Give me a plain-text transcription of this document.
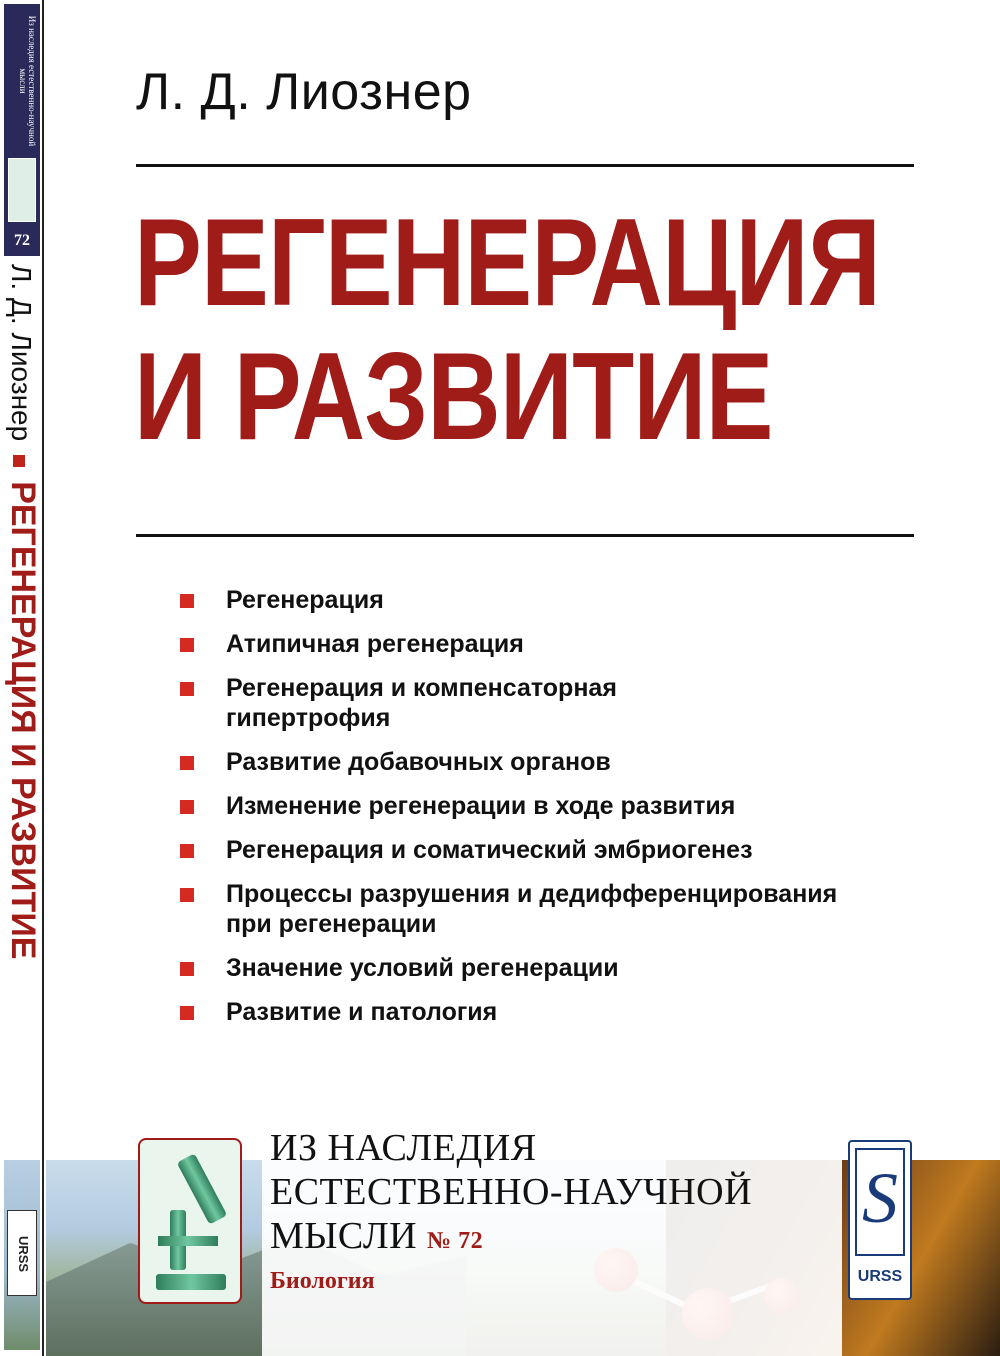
Из наследия естественно-научной мысли
72
Л. Д. ЛиознерРЕГЕНЕРАЦИЯ И РАЗВИТИЕ
URSS
Л. Д. Лиознер
РЕГЕНЕРАЦИЯ
И РАЗВИТИЕ
Регенерация
Атипичная регенерация
Регенерация и компенсаторная гипертрофия
Развитие добавочных органов
Изменение регенерации в ходе развития
Регенерация и соматический эмбриогенез
Процессы разрушения и дедифференцирования при регенерации
Значение условий регенерации
Развитие и патология
ИЗ НАСЛЕДИЯ
ЕСТЕСТВЕННО-НАУЧНОЙ
МЫСЛИ № 72
Биология
S
URSS
